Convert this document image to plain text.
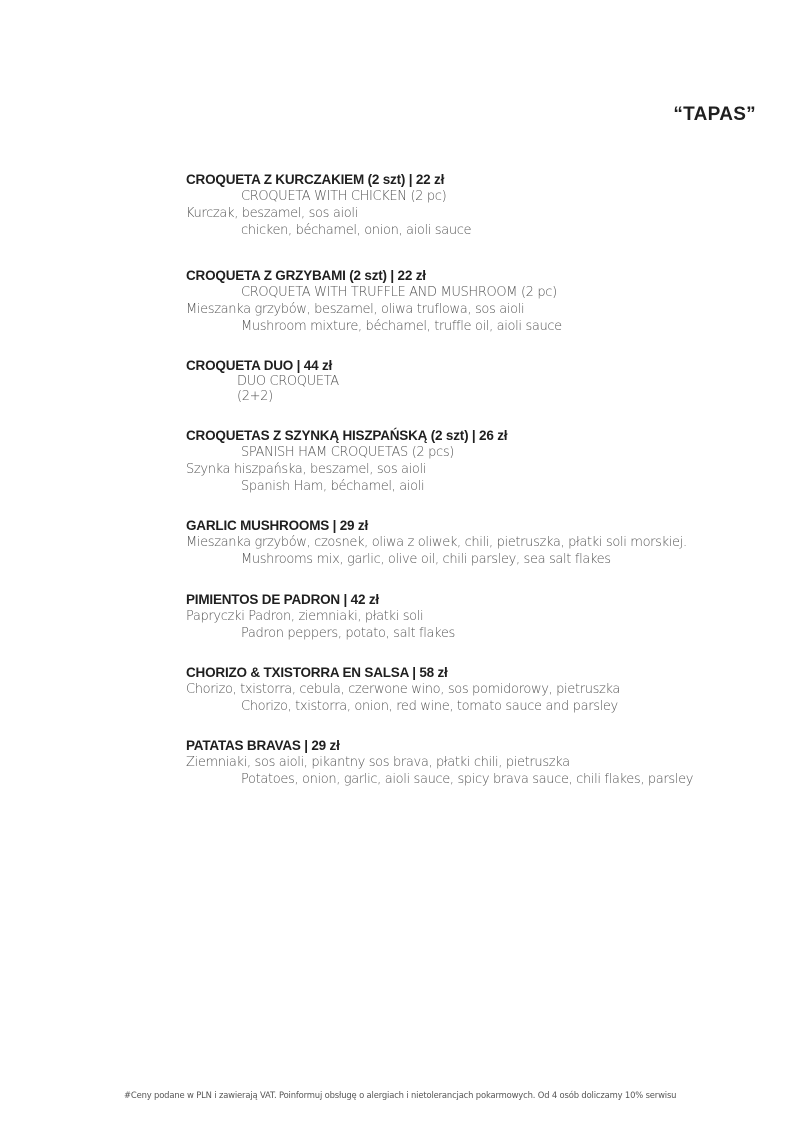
“TAPAS”
CROQUETA Z KURCZAKIEM (2 szt) | 22 zł
CROQUETA WITH CHICKEN (2 pc)
Kurczak, beszamel, sos aioli
chicken, béchamel, onion, aioli sauce
CROQUETA Z GRZYBAMI (2 szt) | 22 zł
CROQUETA WITH TRUFFLE AND MUSHROOM (2 pc)
Mieszanka grzybów, beszamel, oliwa truflowa, sos aioli
Mushroom mixture, béchamel, truffle oil, aioli sauce
CROQUETA DUO | 44 zł
DUO CROQUETA
(2+2)
CROQUETAS Z SZYNKĄ HISZPAŃSKĄ (2 szt) | 26 zł
SPANISH HAM CROQUETAS (2 pcs)
Szynka hiszpańska, beszamel, sos aioli
Spanish Ham, béchamel, aioli
GARLIC MUSHROOMS | 29 zł
Mieszanka grzybów, czosnek, oliwa z oliwek, chili, pietruszka, płatki soli morskiej.
Mushrooms mix, garlic, olive oil, chili parsley, sea salt flakes
PIMIENTOS DE PADRON | 42 zł
Papryczki Padron, ziemniaki, płatki soli
Padron peppers, potato, salt flakes
CHORIZO & TXISTORRA EN SALSA | 58 zł
Chorizo, txistorra, cebula, czerwone wino, sos pomidorowy, pietruszka
Chorizo, txistorra, onion, red wine, tomato sauce and parsley
PATATAS BRAVAS | 29 zł
Ziemniaki, sos aioli, pikantny sos brava, płatki chili, pietruszka
Potatoes, onion, garlic, aioli sauce, spicy brava sauce, chili flakes, parsley
#Ceny podane w PLN i zawierają VAT. Poinformuj obsługę o alergiach i nietolerancjach pokarmowych. Od 4 osób doliczamy 10% serwisu
